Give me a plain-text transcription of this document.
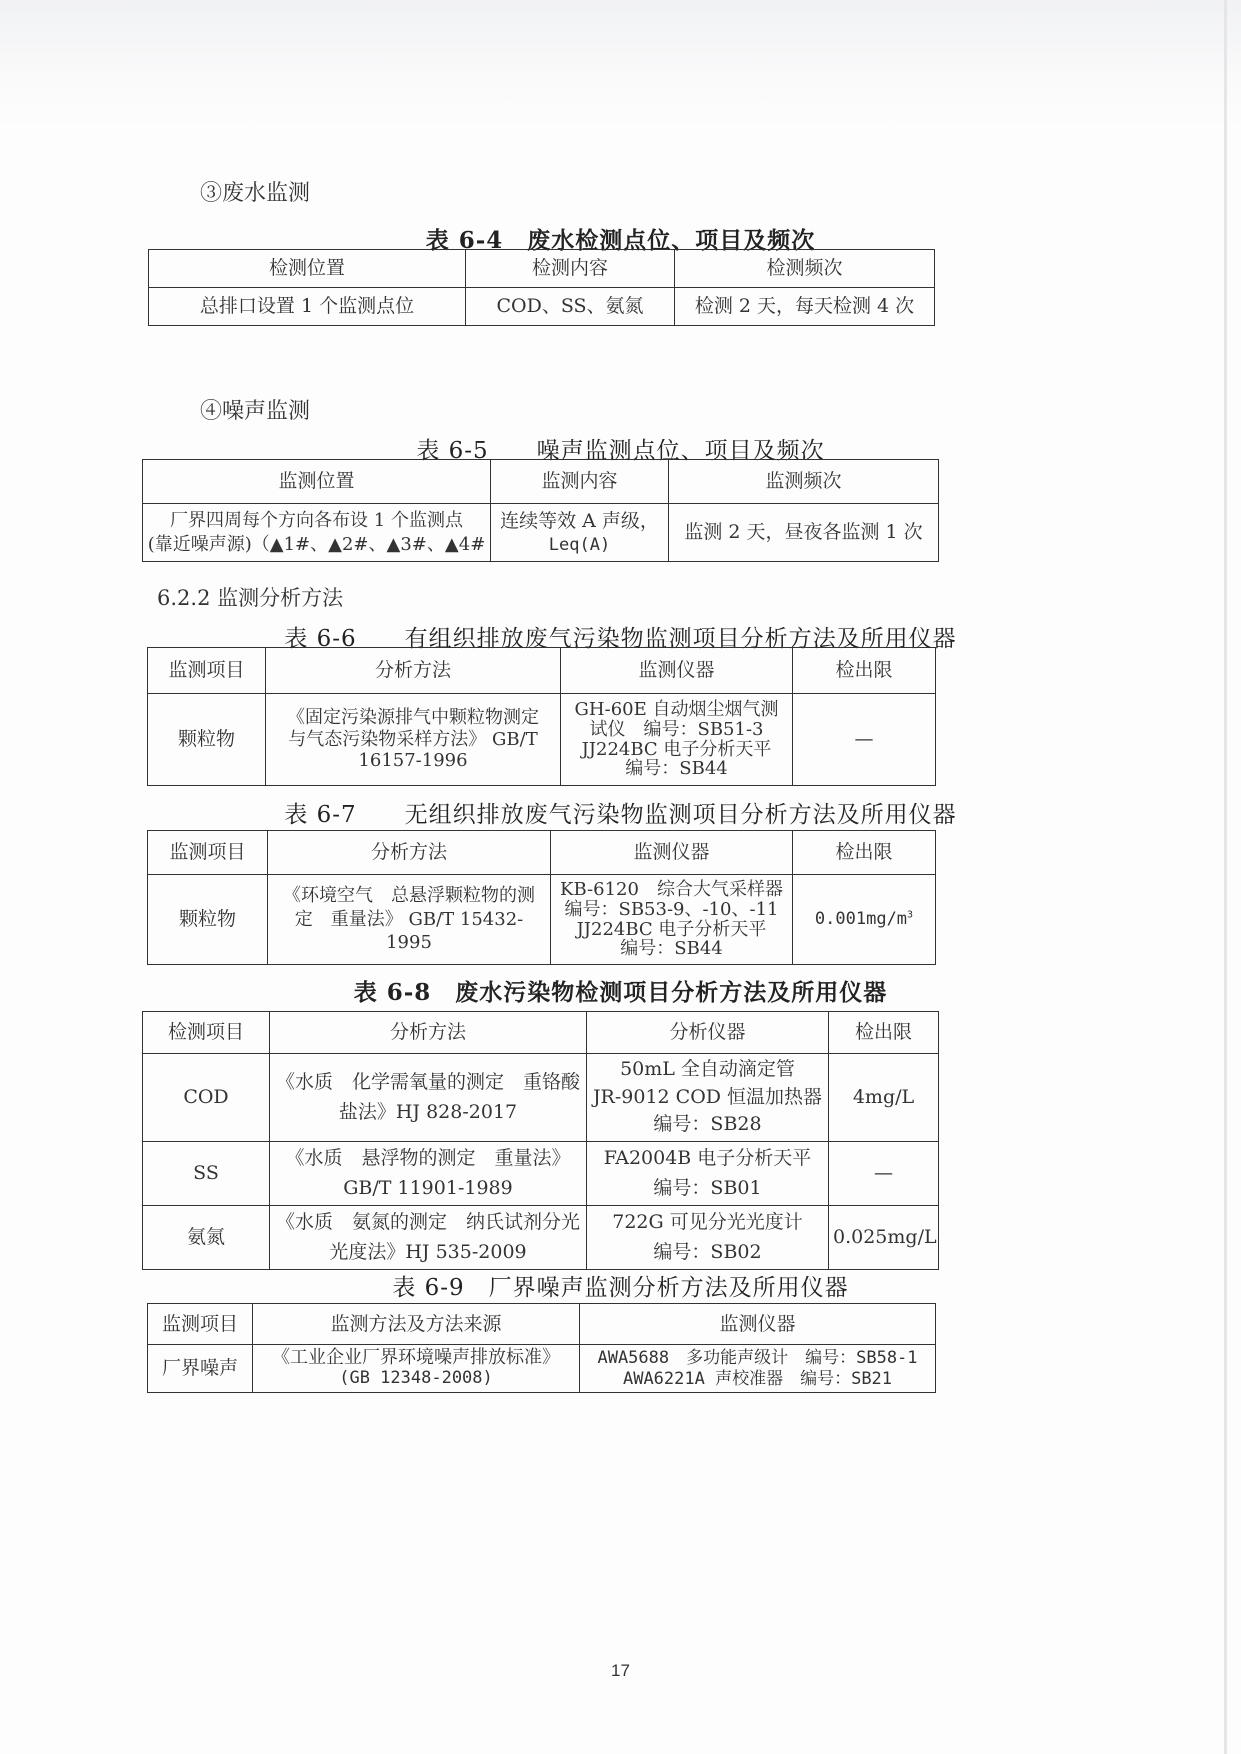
③废水监测
表 6-4　废水检测点位、项目及频次
检测位置	检测内容	检测频次
总排口设置 1 个监测点位	COD、SS、氨氮	检测 2 天，每天检测 4 次
④噪声监测
表 6-5　　噪声监测点位、项目及频次
监测位置	监测内容	监测频次

厂界四周每个方向各布设 1 个监测点
(靠近噪声源)（▲1#、▲2#、▲3#、▲4#	连续等效 A 声级，
Leq(A)	监测 2 天，昼夜各监测 1 次
6.2.2 监测分析方法
表 6-6　　有组织排放废气污染物监测项目分析方法及所用仪器
监测项目	分析方法	监测仪器	检出限
颗粒物	《固定污染源排气中颗粒物测定
与气态污染物采样方法》 GB/T
16157-1996	GH-60E 自动烟尘烟气测
试仪　编号：SB51-3
JJ224BC 电子分析天平
编号：SB44	—
表 6-7　　无组织排放废气污染物监测项目分析方法及所用仪器
监测项目	分析方法	监测仪器	检出限
颗粒物	《环境空气　总悬浮颗粒物的测
定　重量法》 GB/T 15432-1995	KB-6120　综合大气采样器
编号：SB53-9、-10、-11
JJ224BC 电子分析天平
编号：SB44	$0.001mg/m^3$
表 6-8　废水污染物检测项目分析方法及所用仪器
检测项目	分析方法	分析仪器	检出限
COD	《水质　化学需氧量的测定　重铬酸
盐法》HJ 828-2017	50mL 全自动滴定管
JR-9012 COD 恒温加热器
编号：SB28	4mg/L
SS	《水质　悬浮物的测定　重量法》
GB/T 11901-1989	FA2004B 电子分析天平
编号：SB01	—
氨氮	《水质　氨氮的测定　纳氏试剂分光
光度法》HJ 535-2009	722G 可见分光光度计
编号：SB02	0.025mg/L
表 6-9　厂界噪声监测分析方法及所用仪器
监测项目	监测方法及方法来源	监测仪器
厂界噪声	《工业企业厂界环境噪声排放标准》
(GB 12348-2008)	AWA5688　多功能声级计　编号：SB58-1
AWA6221A 声校准器　编号：SB21
17
